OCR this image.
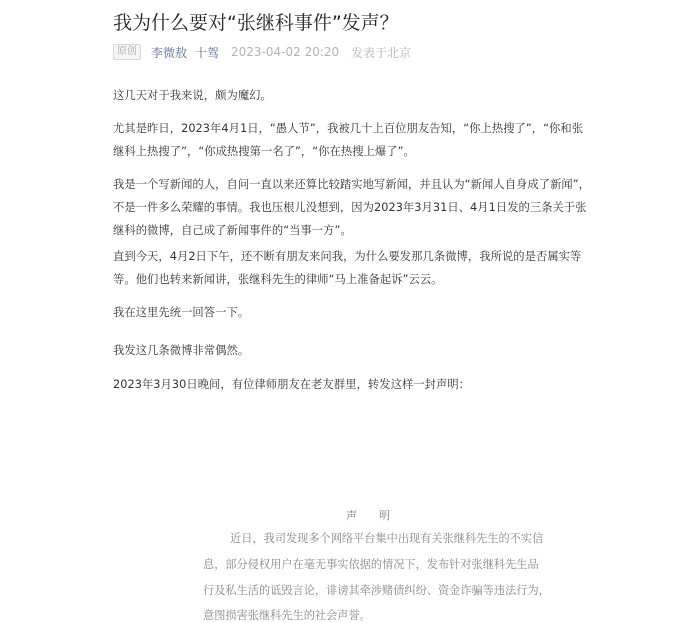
我为什么要对“张继科事件”发声？
原创	李微敖 十驾 2023-04-02 20:20 发表于北京

这几天对于我来说，颇为魔幻。

尤其是昨日，2023年4月1日，“愚人节”，我被几十上百位朋友告知，“你上热搜了”，“你和张继科上热搜了”，“你成热搜第一名了”，“你在热搜上爆了”。

我是一个写新闻的人，自问一直以来还算比较踏实地写新闻，并且认为“新闻人自身成了新闻”，不是一件多么荣耀的事情。我也压根儿没想到，因为2023年3月31日、4月1日发的三条关于张继科的微博，自己成了新闻事件的“当事一方”。

直到今天，4月2日下午，还不断有朋友来问我，为什么要发那几条微博，我所说的是否属实等等。他们也转来新闻讲，张继科先生的律师“马上准备起诉”云云。

我在这里先统一回答一下。

我发这几条微博非常偶然。

2023年3月30日晚间，有位律师朋友在老友群里，转发这样一封声明：

声明
近日，我司发现多个网络平台集中出现有关张继科先生的不实信
息，部分侵权用户在毫无事实依据的情况下，发布针对张继科先生品
行及私生活的诋毁言论，诽谤其牵涉赌债纠纷、资金诈骗等违法行为，
意图损害张继科先生的社会声誉。
